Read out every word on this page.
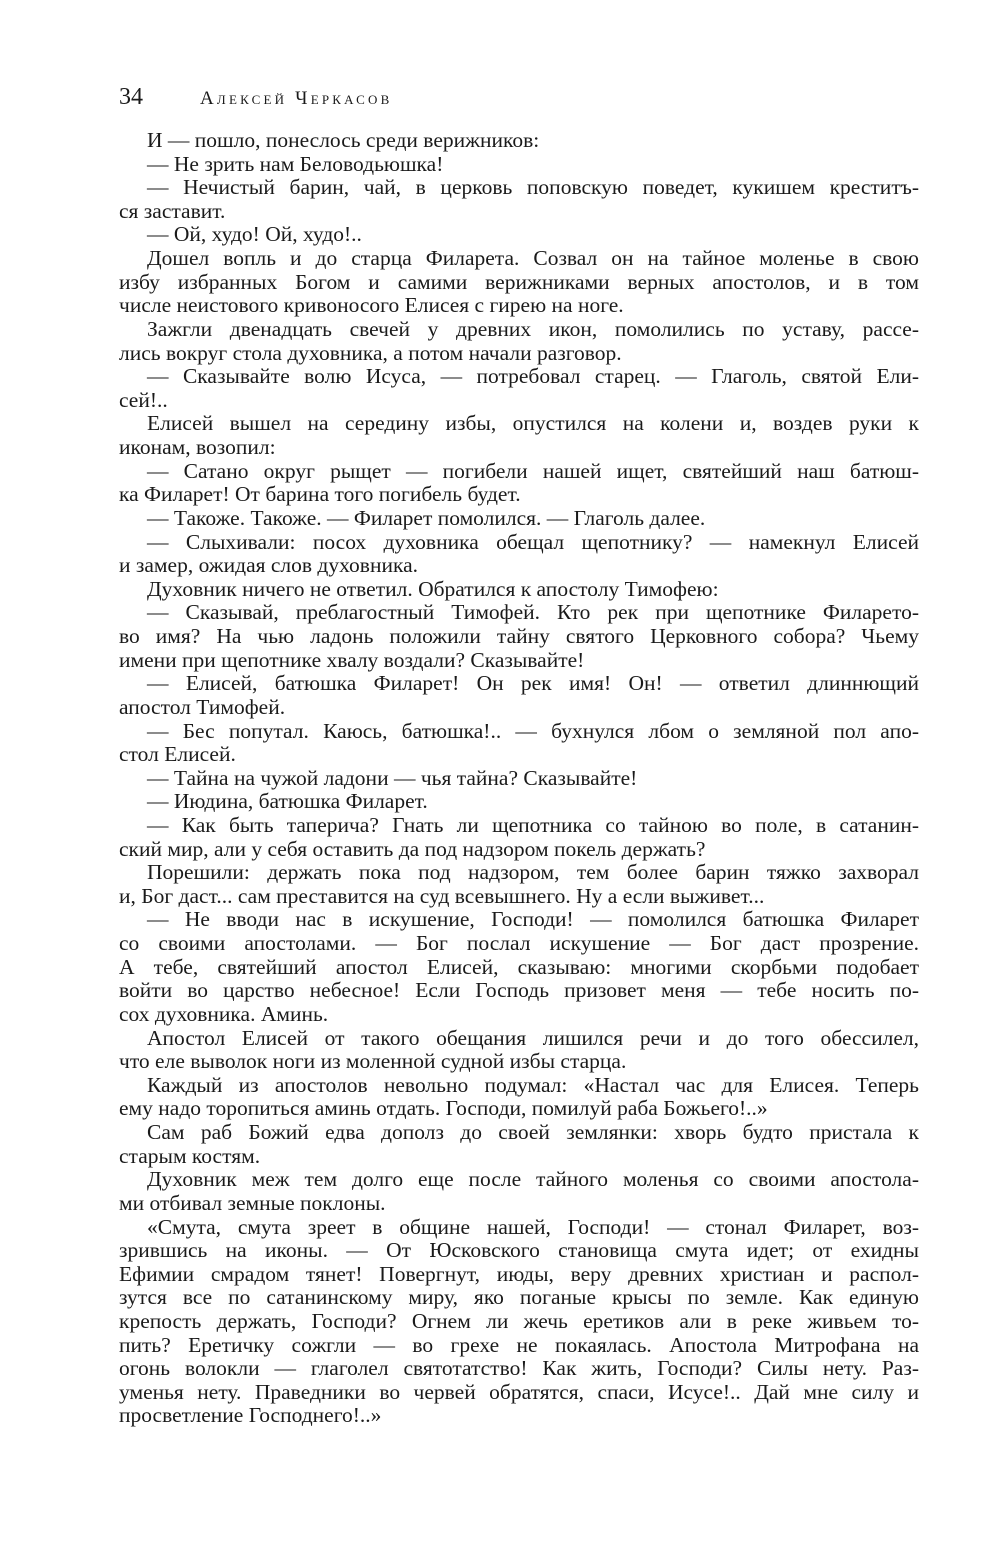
34	Алексей Черкасов
И — пошло, понеслось среди верижников:
— Не зрить нам Беловодьюшка!
— Нечистый барин, чай, в церковь поповскую поведет, кукишем креститъ-
ся заставит.
— Ой, худо! Ой, худо!..
Дошел вопль и до старца Филарета. Созвал он на тайное моленье в свою
избу избранных Богом и самими верижниками верных апостолов, и в том
числе неистового кривоносого Елисея с гирею на ноге.
Зажгли двенадцать свечей у древних икон, помолились по уставу, рассе-
лись вокруг стола духовника, а потом начали разговор.
— Сказывайте волю Исуса, — потребовал старец. — Глаголь, святой Ели-
сей!..
Елисей вышел на середину избы, опустился на колени и, воздев руки к
иконам, возопил:
— Сатано округ рыщет — погибели нашей ищет, святейший наш батюш-
ка Филарет! От барина того погибель будет.
— Такоже. Такоже. — Филарет помолился. — Глаголь далее.
— Слыхивали: посох духовника обещал щепотнику? — намекнул Елисей
и замер, ожидая слов духовника.
Духовник ничего не ответил. Обратился к апостолу Тимофею:
— Сказывай, преблагостный Тимофей. Кто рек при щепотнике Филарето-
во имя? На чью ладонь положили тайну святого Церковного собора? Чьему
имени при щепотнике хвалу воздали? Сказывайте!
— Елисей, батюшка Филарет! Он рек имя! Он! — ответил длиннющий
апостол Тимофей.
— Бес попутал. Каюсь, батюшка!.. — бухнулся лбом о земляной пол апо-
стол Елисей.
— Тайна на чужой ладони — чья тайна? Сказывайте!
— Июдина, батюшка Филарет.
— Как быть таперича? Гнать ли щепотника со тайною во поле, в сатанин-
ский мир, али у себя оставить да под надзором покель держать?
Порешили: держать пока под надзором, тем более барин тяжко захворал
и, Бог даст... сам преставится на суд всевышнего. Ну а если выживет...
— Не вводи нас в искушение, Господи! — помолился батюшка Филарет
со своими апостолами. — Бог послал искушение — Бог даст прозрение.
А тебе, святейший апостол Елисей, сказываю: многими скорбьми подобает
войти во царство небесное! Если Господь призовет меня — тебе носить по-
сох духовника. Аминь.
Апостол Елисей от такого обещания лишился речи и до того обессилел,
что еле выволок ноги из моленной судной избы старца.
Каждый из апостолов невольно подумал: «Настал час для Елисея. Теперь
ему надо торопиться аминь отдать. Господи, помилуй раба Божьего!..»
Сам раб Божий едва дополз до своей землянки: хворь будто пристала к
старым костям.
Духовник меж тем долго еще после тайного моленья со своими апостола-
ми отбивал земные поклоны.
«Смута, смута зреет в общине нашей, Господи! — стонал Филарет, воз-
зрившись на иконы. — От Юсковского становища смута идет; от ехидны
Ефимии смрадом тянет! Повергнут, июды, веру древних христиан и распол-
зутся все по сатанинскому миру, яко поганые крысы по земле. Как единую
крепость держать, Господи? Огнем ли жечь еретиков али в реке живьем то-
пить? Еретичку сожгли — во грехе не покаялась. Апостола Митрофана на
огонь волокли — глаголел святотатство! Как жить, Господи? Силы нету. Раз-
уменья нету. Праведники во червей обратятся, спаси, Исусе!.. Дай мне силу и
просветление Господнего!..»
